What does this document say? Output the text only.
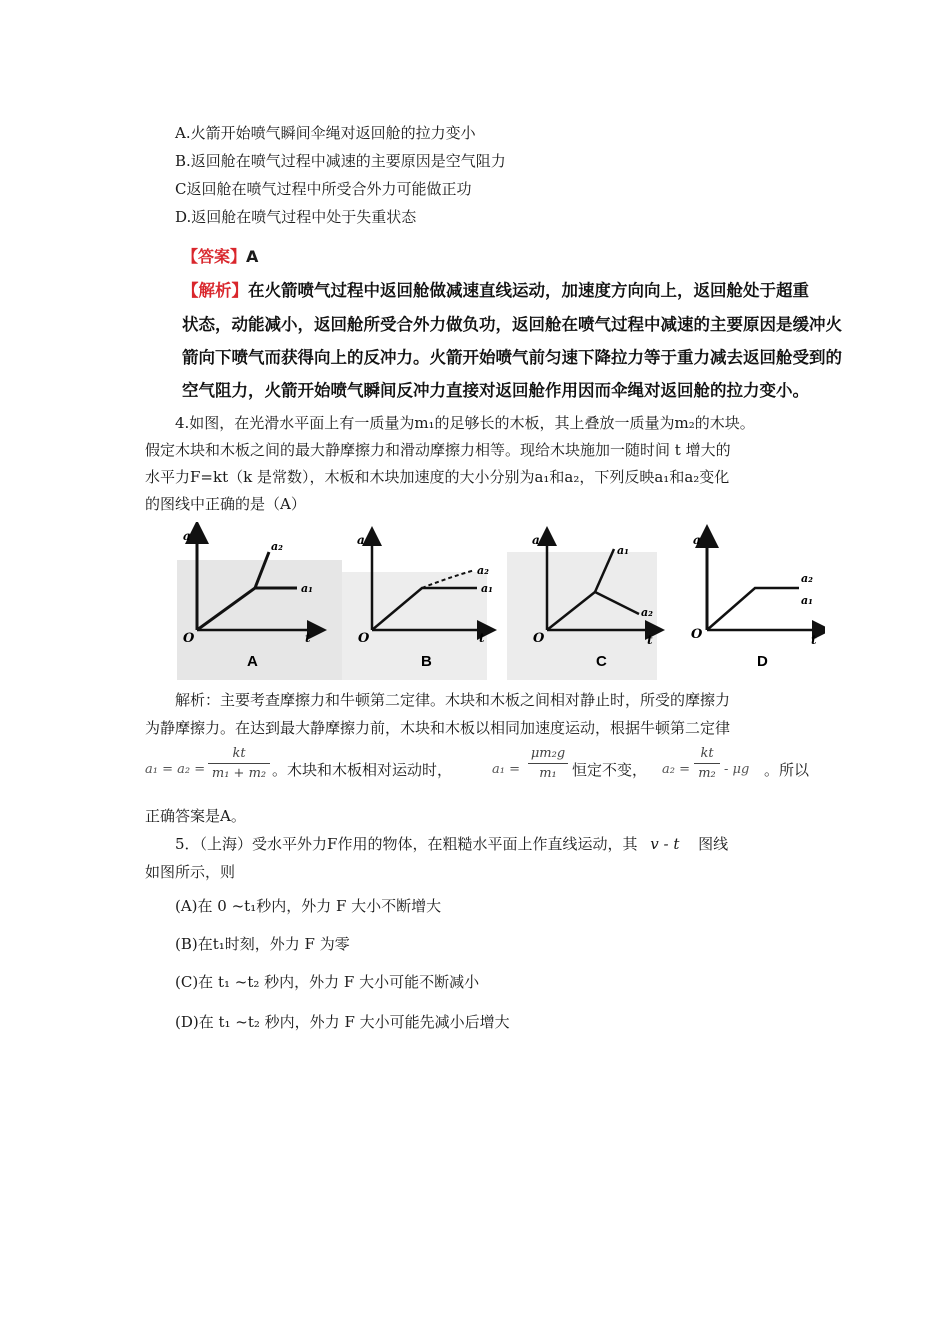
A.火箭开始喷气瞬间伞绳对返回舱的拉力变小
B.返回舱在喷气过程中减速的主要原因是空气阻力
C返回舱在喷气过程中所受合外力可能做正功
D.返回舱在喷气过程中处于失重状态
【答案】A
【解析】在火箭喷气过程中返回舱做减速直线运动，加速度方向向上，返回舱处于超重
状态，动能减小，返回舱所受合外力做负功，返回舱在喷气过程中减速的主要原因是缓冲火
箭向下喷气而获得向上的反冲力。火箭开始喷气前匀速下降拉力等于重力减去返回舱受到的
空气阻力，火箭开始喷气瞬间反冲力直接对返回舱作用因而伞绳对返回舱的拉力变小。
4.如图，在光滑水平面上有一质量为m₁的足够长的木板，其上叠放一质量为m₂的木块。
假定木块和木板之间的最大静摩擦力和滑动摩擦力相等。现给木块施加一随时间 t 增大的
水平力F=kt（k 是常数），木板和木块加速度的大小分别为a₁和a₂，下列反映a₁和a₂变化
的图线中正确的是（A）
a
a₂
a₁
O	t
A
a
a₂
a₁
O	t
B
a
a₁
a₂
O	t
C
a
a₂
a₁
O	t
D
解析：主要考查摩擦力和牛顿第二定律。木块和木板之间相对静止时，所受的摩擦力
为静摩擦力。在达到最大静摩擦力前，木块和木板以相同加速度运动，根据牛顿第二定律
a₁ = a₂ =
kt
m₁ + m₂ 。木块和木板相对运动时，	a₁ =
μm₂g
m₁	恒定不变， a₂ =
kt
m₂ - μg 。所以
正确答案是A。
5．（上海）受水平外力F作用的物体，在粗糙水平面上作直线运动，其 v - t 图线
如图所示，则
(A)在 0 ~t₁秒内，外力 F 大小不断增大
(B)在t₁时刻，外力 F 为零
(C)在 t₁ ~t₂ 秒内，外力 F 大小可能不断减小
(D)在 t₁ ~t₂ 秒内，外力 F 大小可能先减小后增大
